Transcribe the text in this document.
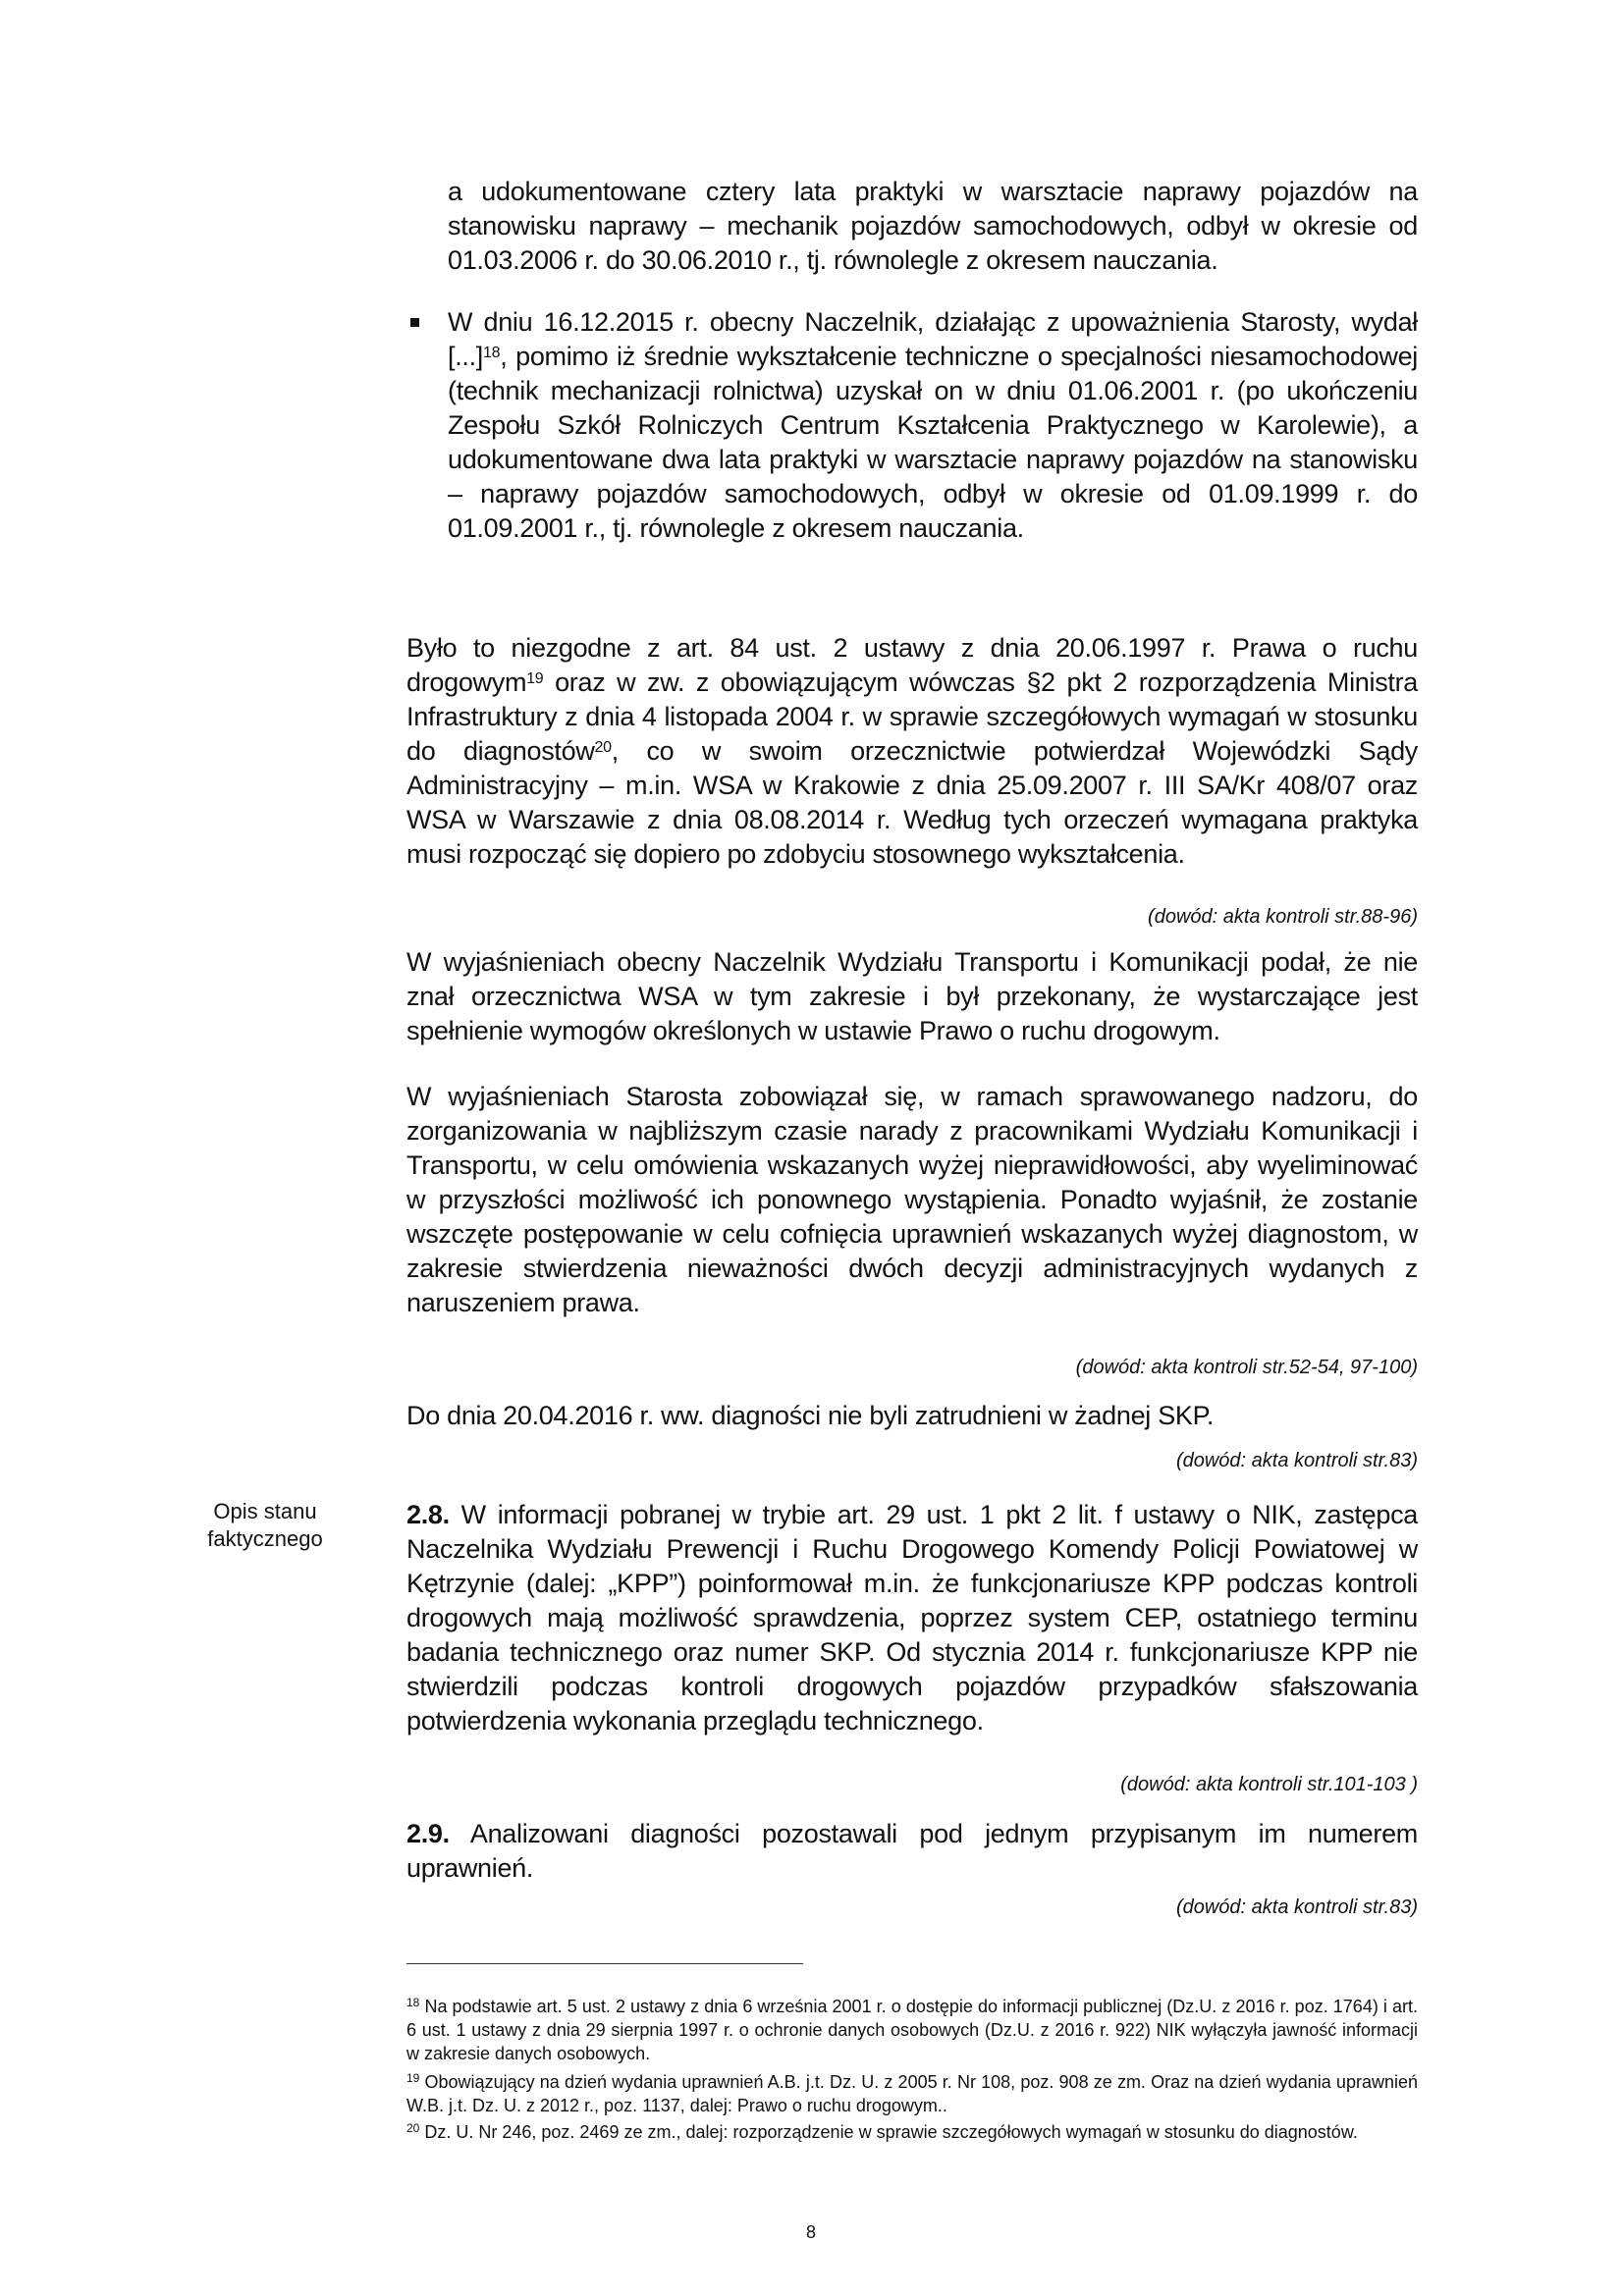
a udokumentowane cztery lata praktyki w warsztacie naprawy pojazdów na stanowisku naprawy – mechanik pojazdów samochodowych, odbył w okresie od 01.03.2006 r. do 30.06.2010 r., tj. równolegle z okresem nauczania.

W dniu 16.12.2015 r. obecny Naczelnik, działając z upoważnienia Starosty, wydał [...]$^{18}$, pomimo iż średnie wykształcenie techniczne o specjalności niesamochodowej (technik mechanizacji rolnictwa) uzyskał on w dniu 01.06.2001 r. (po ukończeniu Zespołu Szkół Rolniczych Centrum Kształcenia Praktycznego w Karolewie), a udokumentowane dwa lata praktyki w warsztacie naprawy pojazdów na stanowisku – naprawy pojazdów samochodowych, odbył w okresie od 01.09.1999 r. do 01.09.2001 r., tj. równolegle z okresem nauczania.

Było to niezgodne z art. 84 ust. 2 ustawy z dnia 20.06.1997 r. Prawa o ruchu drogowym$^{19}$ oraz w zw. z obowiązującym wówczas §2 pkt 2 rozporządzenia Ministra Infrastruktury z dnia 4 listopada 2004 r. w sprawie szczegółowych wymagań w stosunku do diagnostów$^{20}$, co w swoim orzecznictwie potwierdzał Wojewódzki Sądy Administracyjny – m.in. WSA w Krakowie z dnia 25.09.2007 r. III SA/Kr 408/07 oraz WSA w Warszawie z dnia 08.08.2014 r. Według tych orzeczeń wymagana praktyka musi rozpocząć się dopiero po zdobyciu stosownego wykształcenia.

(dowód: akta kontroli str.88-96)

W wyjaśnieniach obecny Naczelnik Wydziału Transportu i Komunikacji podał, że nie znał orzecznictwa WSA w tym zakresie i był przekonany, że wystarczające jest spełnienie wymogów określonych w ustawie Prawo o ruchu drogowym.

W wyjaśnieniach Starosta zobowiązał się, w ramach sprawowanego nadzoru, do zorganizowania w najbliższym czasie narady z pracownikami Wydziału Komunikacji i Transportu, w celu omówienia wskazanych wyżej nieprawidłowości, aby wyeliminować w przyszłości możliwość ich ponownego wystąpienia. Ponadto wyjaśnił, że zostanie wszczęte postępowanie w celu cofnięcia uprawnień wskazanych wyżej diagnostom, w zakresie stwierdzenia nieważności dwóch decyzji administracyjnych wydanych z naruszeniem prawa.

(dowód: akta kontroli str.52-54, 97-100)

Do dnia 20.04.2016 r. ww. diagności nie byli zatrudnieni w żadnej SKP.

(dowód: akta kontroli str.83)
Opis stanu faktycznego

2.8. W informacji pobranej w trybie art. 29 ust. 1 pkt 2 lit. f ustawy o NIK, zastępca Naczelnika Wydziału Prewencji i Ruchu Drogowego Komendy Policji Powiatowej w Kętrzynie (dalej: „KPP”) poinformował m.in. że funkcjonariusze KPP podczas kontroli drogowych mają możliwość sprawdzenia, poprzez system CEP, ostatniego terminu badania technicznego oraz numer SKP. Od stycznia 2014 r. funkcjonariusze KPP nie stwierdzili podczas kontroli drogowych pojazdów przypadków sfałszowania potwierdzenia wykonania przeglądu technicznego.

(dowód: akta kontroli str.101-103 )

2.9. Analizowani diagności pozostawali pod jednym przypisanym im numerem uprawnień.

(dowód: akta kontroli str.83)
$^{18}$ Na podstawie art. 5 ust. 2 ustawy z dnia 6 września 2001 r. o dostępie do informacji publicznej (Dz.U. z 2016 r. poz. 1764) i art. 6 ust. 1 ustawy z dnia 29 sierpnia 1997 r. o ochronie danych osobowych (Dz.U. z 2016 r. 922) NIK wyłączyła jawność informacji w zakresie danych osobowych.
$^{19}$ Obowiązujący na dzień wydania uprawnień A.B. j.t. Dz. U. z 2005 r. Nr 108, poz. 908 ze zm. Oraz na dzień wydania uprawnień W.B. j.t. Dz. U. z 2012 r., poz. 1137, dalej: Prawo o ruchu drogowym..
$^{20}$ Dz. U. Nr 246, poz. 2469 ze zm., dalej: rozporządzenie w sprawie szczegółowych wymagań w stosunku do diagnostów.
8
